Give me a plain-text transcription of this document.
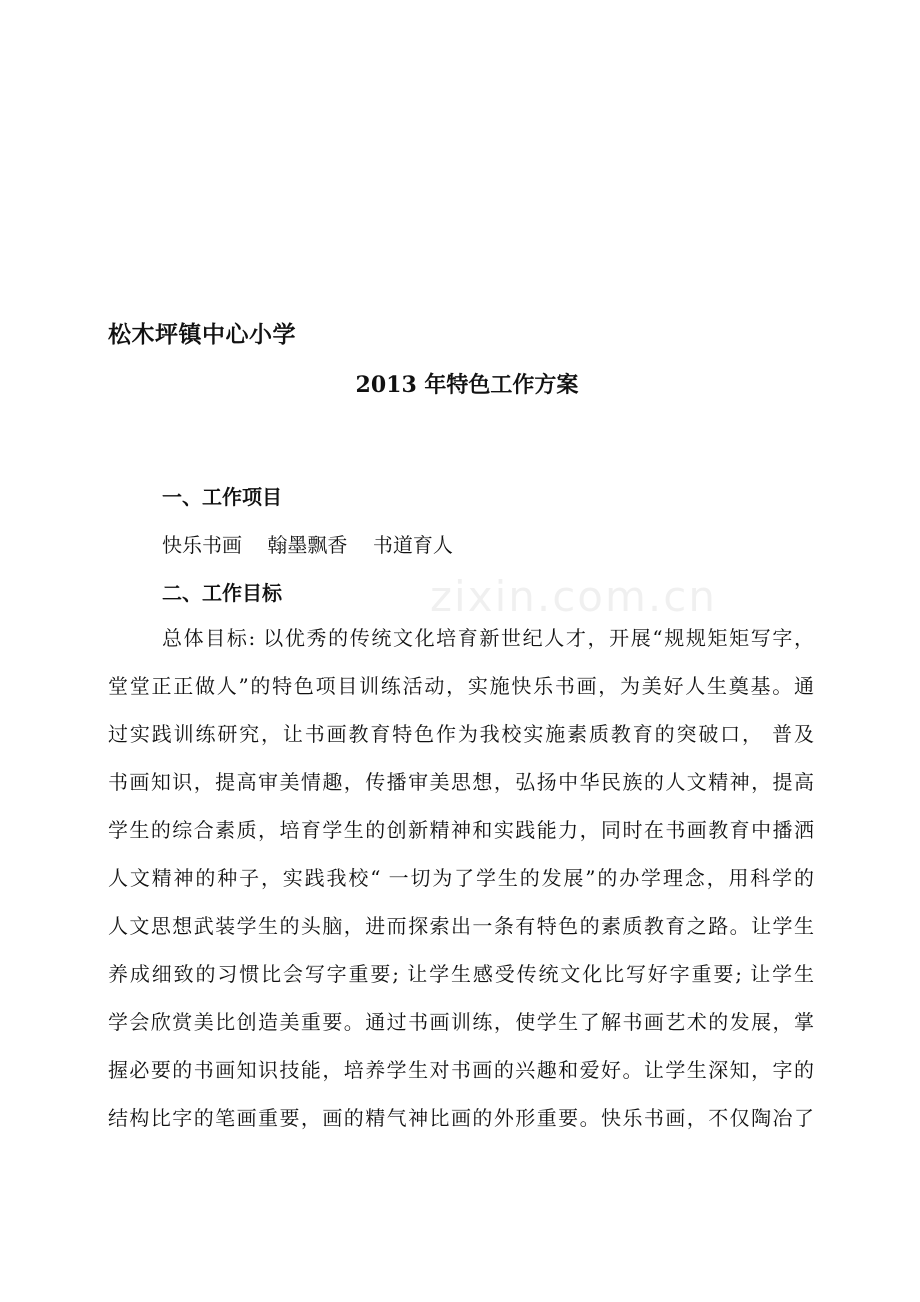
zixin.com.cn
松木坪镇中心小学
2013 年特色工作方案
一、工作项目
快乐书画    翰墨飘香    书道育人
二、工作目标
总体目标: 以优秀的传统文化培育新世纪人才，开展“规规矩矩写字，
堂堂正正做人”的特色项目训练活动，实施快乐书画，为美好人生奠基。通
过实践训练研究，让书画教育特色作为我校实施素质教育的突破口， 普及
书画知识，提高审美情趣，传播审美思想，弘扬中华民族的人文精神，提高
学生的综合素质，培育学生的创新精神和实践能力，同时在书画教育中播洒
人文精神的种子，实践我校“ 一切为了学生的发展”的办学理念，用科学的
人文思想武装学生的头脑，进而探索出一条有特色的素质教育之路。让学生
养成细致的习惯比会写字重要; 让学生感受传统文化比写好字重要; 让学生
学会欣赏美比创造美重要。通过书画训练，使学生了解书画艺术的发展，掌
握必要的书画知识技能，培养学生对书画的兴趣和爱好。让学生深知，字的
结构比字的笔画重要，画的精气神比画的外形重要。快乐书画，不仅陶冶了
